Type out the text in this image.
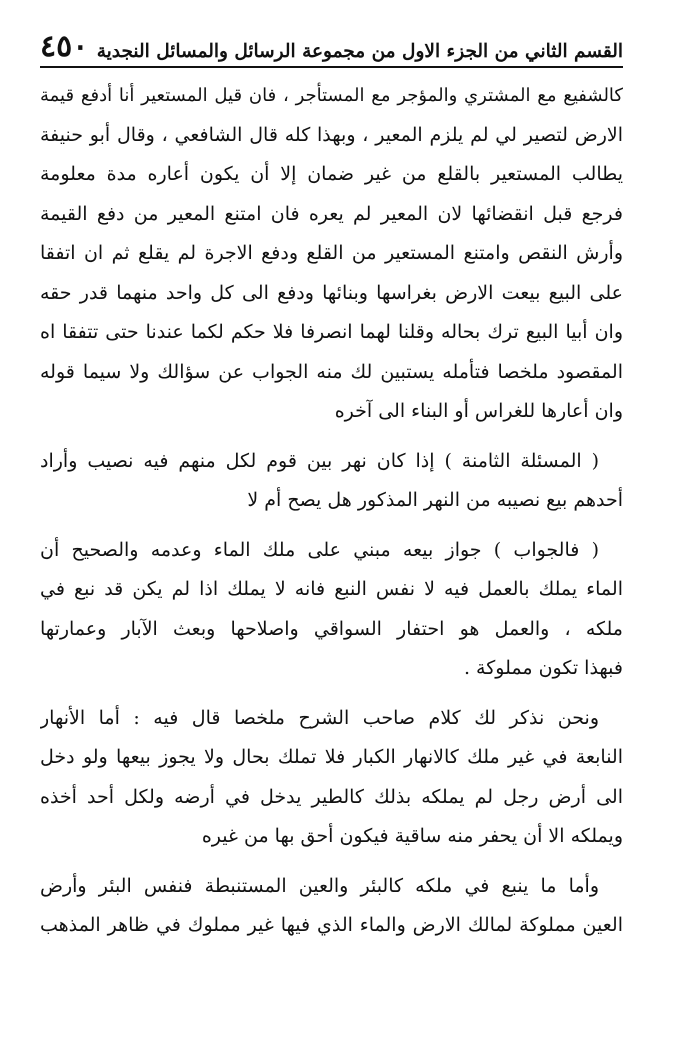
القسم الثاني من الجزء الاول من مجموعة الرسائل والمسائل النجدية
٤٥٠
كالشفيع مع المشتري والمؤجر مع المستأجر ، فان قيل المستعير أنا أدفع قيمة
الارض لتصير لي لم يلزم المعير ، وبهذا كله قال الشافعي ، وقال أبو حنيفة
يطالب المستعير بالقلع من غير ضمان إلا أن يكون أعاره مدة معلومة
فرجع قبل انقضائها لان المعير لم يعره فان امتنع المعير من دفع القيمة
وأرش النقص وامتنع المستعير من القلع ودفع الاجرة لم يقلع ثم ان اتفقا
على البيع بيعت الارض بغراسها وبنائها ودفع الى كل واحد منهما قدر حقه
وان أبيا البيع ترك بحاله وقلنا لهما انصرفا فلا حكم لكما عندنا حتى تتفقا اه
المقصود ملخصا فتأمله يستبين لك منه الجواب عن سؤالك ولا سيما قوله
وان أعارها للغراس أو البناء الى آخره
( المسئلة الثامنة ) إذا كان نهر بين قوم لكل منهم فيه نصيب وأراد
أحدهم بيع نصيبه من النهر المذكور هل يصح أم لا
( فالجواب ) جواز بيعه مبني على ملك الماء وعدمه والصحيح أن
الماء يملك بالعمل فيه لا نفس النبع فانه لا يملك اذا لم يكن قد نبع في
ملكه ، والعمل هو احتفار السواقي واصلاحها وبعث الآبار وعمارتها
فبهذا تكون مملوكة .
ونحن نذكر لك كلام صاحب الشرح ملخصا قال فيه : أما الأنهار
النابعة في غير ملك كالانهار الكبار فلا تملك بحال ولا يجوز بيعها ولو دخل
الى أرض رجل لم يملكه بذلك كالطير يدخل في أرضه ولكل أحد أخذه
ويملكه الا أن يحفر منه ساقية فيكون أحق بها من غيره
وأما ما ينبع في ملكه كالبئر والعين المستنبطة فنفس البئر وأرض
العين مملوكة لمالك الارض والماء الذي فيها غير مملوك في ظاهر المذهب
